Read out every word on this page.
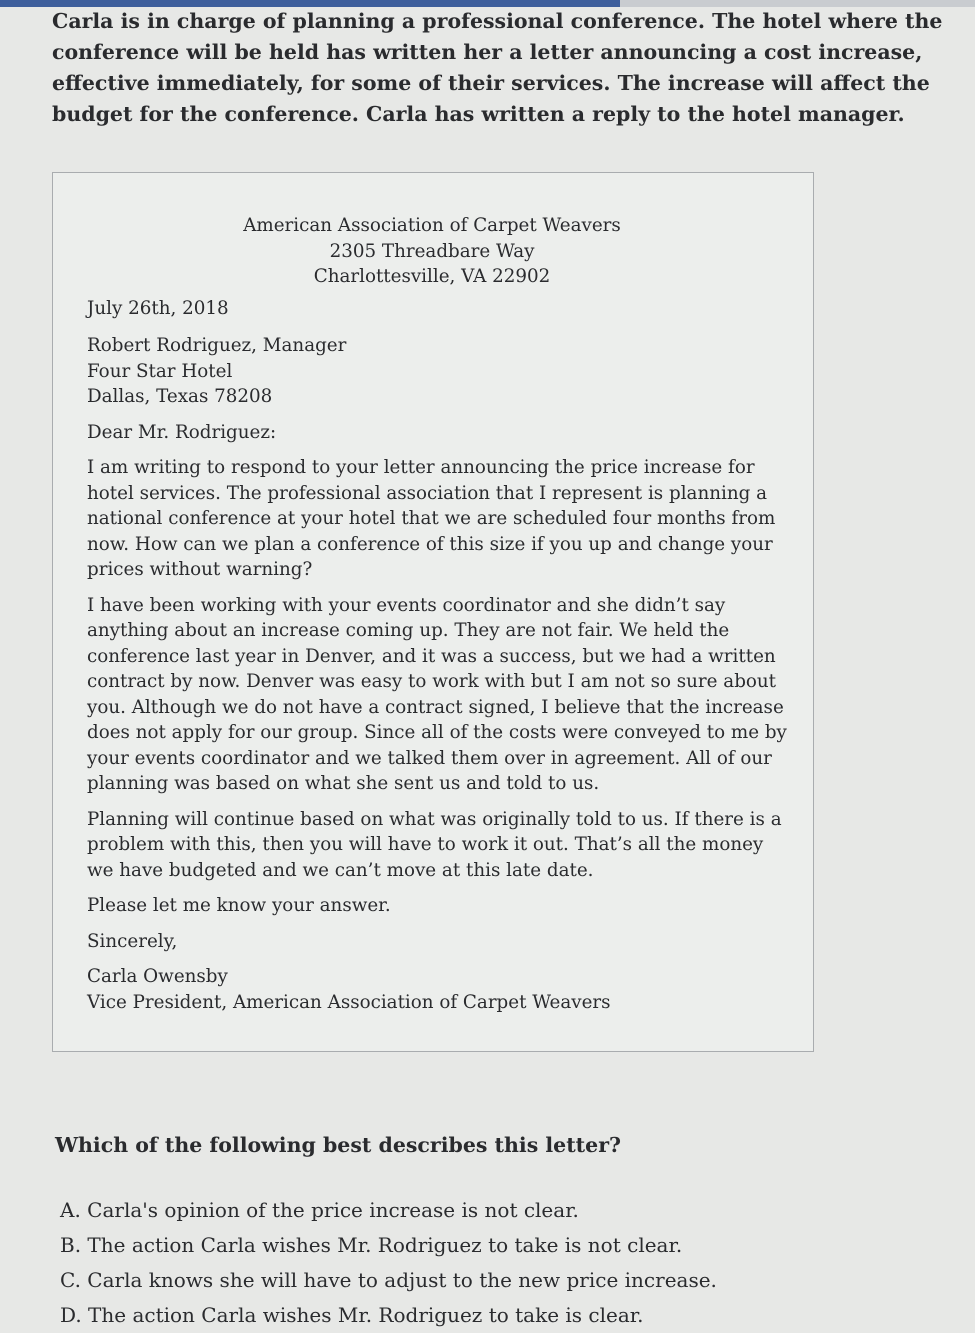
Carla is in charge of planning a professional conference. The hotel where the conference will be held has written her a letter announcing a cost increase, effective immediately, for some of their services. The increase will affect the budget for the conference. Carla has written a reply to the hotel manager.

American Association of Carpet Weavers
2305 Threadbare Way
Charlottesville, VA 22902
July 26th, 2018
Robert Rodriguez, Manager
Four Star Hotel
Dallas, Texas 78208

Dear Mr. Rodriguez:

I am writing to respond to your letter announcing the price increase for hotel services. The professional association that I represent is planning a national conference at your hotel that we are scheduled four months from now. How can we plan a conference of this size if you up and change your prices without warning?

I have been working with your events coordinator and she didn’t say anything about an increase coming up. They are not fair. We held the conference last year in Denver, and it was a success, but we had a written contract by now. Denver was easy to work with but I am not so sure about you. Although we do not have a contract signed, I believe that the increase does not apply for our group. Since all of the costs were conveyed to me by your events coordinator and we talked them over in agreement. All of our planning was based on what she sent us and told to us.

Planning will continue based on what was originally told to us. If there is a problem with this, then you will have to work it out. That’s all the money we have budgeted and we can’t move at this late date.

Please let me know your answer.

Sincerely,

Carla Owensby
Vice President, American Association of Carpet Weavers

Which of the following best describes this letter?

A. Carla's opinion of the price increase is not clear.

B. The action Carla wishes Mr. Rodriguez to take is not clear.

C. Carla knows she will have to adjust to the new price increase.

D. The action Carla wishes Mr. Rodriguez to take is clear.
